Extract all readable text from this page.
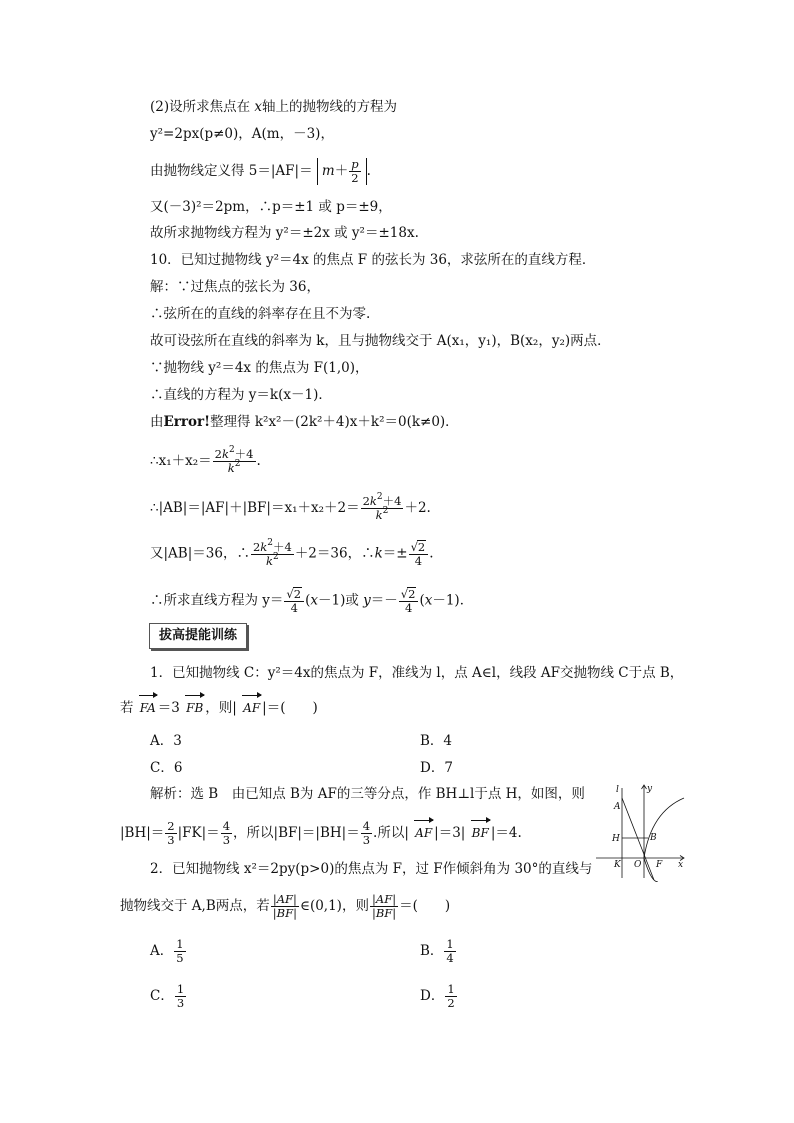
(2)设所求焦点在 x轴上的抛物线的方程为
y²=2px(p≠0)，A(m，－3)，
由抛物线定义得 $5=|AF|= m+ \frac{p}{2}$ .
又(－3)²＝2pm，∴p＝±1 或 p＝±9，
故所求抛物线方程为 y²＝±2x 或 y²＝±18x.
10．已知过抛物线 y²＝4x 的焦点 F 的弦长为 36，求弦所在的直线方程．
解：∵过焦点的弦长为 36，
∴弦所在的直线的斜率存在且不为零.
故可设弦所在直线的斜率为 k，且与抛物线交于 A(x₁，y₁)，B(x₂，y₂)两点．
∵抛物线 y²＝4x 的焦点为 F(1,0)，
∴直线的方程为 y＝k(x－1)．
由Error!整理得 k²x²－(2k²＋4)x＋k²＝0(k≠0)．
∴x₁＋x₂＝ $\frac{2k^2+4}{k^2}$ .
∴|AB|＝|AF|＋|BF|＝x₁＋x₂＋2＝ $\frac{2k^2+4}{k^2} +2$.
又|AB|＝36，∴ $\frac{2k^2+4}{k^2} +2=36$，∴k＝± $\frac{√2}{4}$ .
∴所求直线方程为 $y= \frac{√2}{4} (x-1)$或 $y=- \frac{√2}{4} (x-1)$．
拔高提能训练
1．已知抛物线 C：y²＝4x的焦点为 F，准线为 l，点 A∈l，线段 AF交抛物线 C于点 B，
若 FA ＝3 FB ，则| AF |＝(　　)
A．3	B．4
C．6	D．7
解析：选 B　由已知点 B为 AF的三等分点，作 BH⊥l于点 H，如图，则
$|BH|= \frac{2}{3} |FK|= \frac{4}{3}$ ，所以$|BF|=|BH|= \frac{4}{3}$ .所以| AF |＝3| BF |＝4.
l	y
A
H	B
K O F x
2．已知抛物线 x²＝2py(p>0)的焦点为 F，过 F作倾斜角为 30°的直线与
抛物线交于 A,B两点，若 $\frac{|AF|}{|BF|}$ ∈(0,1)，则 $\frac{|AF|}{|BF|}$ ＝(　　)
A． $\frac{1}{5}$	B． $\frac{1}{4}$
C． $\frac{1}{3}$	D． $\frac{1}{2}$
